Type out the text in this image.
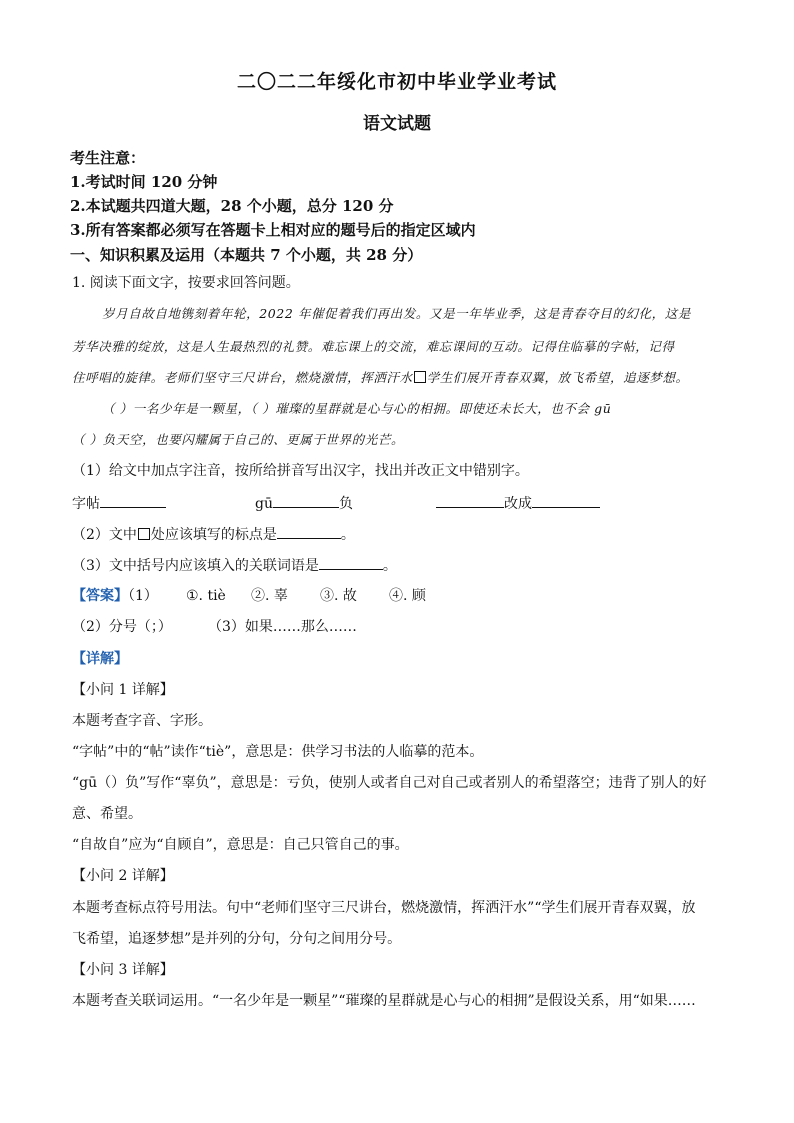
二〇二二年绥化市初中毕业学业考试
语文试题
考生注意：
1.考试时间 120 分钟
2.本试题共四道大题，28 个小题，总分 120 分
3.所有答案都必须写在答题卡上相对应的题号后的指定区域内
一、知识积累及运用（本题共 7 个小题，共 28 分）
1. 阅读下面文字，按要求回答问题。
岁月自故自地镌刻着年轮，2022 年催促着我们再出发。又是一年毕业季，这是青春夺目的幻化，这是
芳华决雅的绽放，这是人生最热烈的礼赞。难忘课上的交流，难忘课间的互动。记得住临摹的字帖，记得
住呼唱的旋律。老师们坚守三尺讲台，燃烧激情，挥洒汗水 学生们展开青春双翼，放飞希望，追逐梦想。
（ ）一名少年是一颗星，（ ）璀璨的星群就是心与心的相拥。即使还未长大，也不会 gū
（ ）负天空，也要闪耀属于自己的、更属于世界的光芒。
（1）给文中加点字注音，按所给拼音写出汉字，找出并改正文中错别字。
字帖	gū	负	改成
（2）文中 处应该填写的标点是	。
（3）文中括号内应该填入的关联词语是	。
【答案】（1） ①. tiè ②. 辜 ③. 故 ④. 顾
（2）分号（；）	（3）如果……那么……
【详解】
【小问 1 详解】
本题考查字音、字形。
“字帖”中的“帖”读作“tiè”，意思是：供学习书法的人临摹的范本。
“gū（）负”写作“辜负”，意思是：亏负，使别人或者自己对自己或者别人的希望落空；违背了别人的好
意、希望。
“自故自”应为“自顾自”，意思是：自己只管自己的事。
【小问 2 详解】
本题考查标点符号用法。句中“老师们坚守三尺讲台，燃烧激情，挥洒汗水”“学生们展开青春双翼，放
飞希望，追逐梦想”是并列的分句，分句之间用分号。
【小问 3 详解】
本题考查关联词运用。“一名少年是一颗星”“璀璨的星群就是心与心的相拥”是假设关系，用“如果……
